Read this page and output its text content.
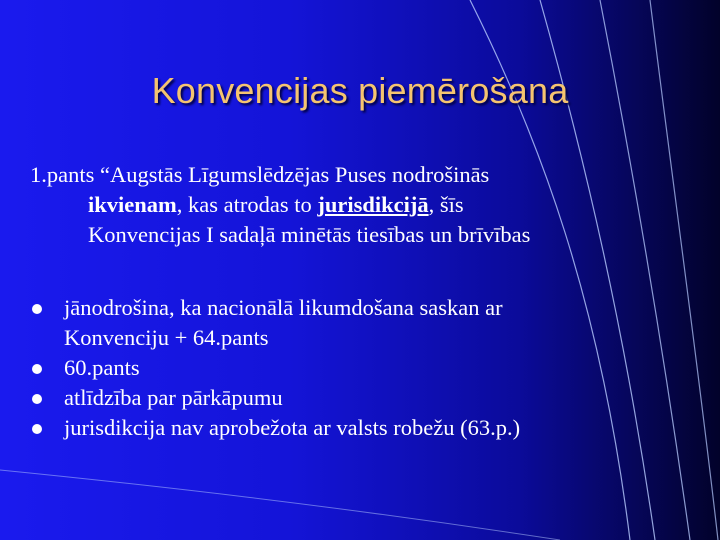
Konvencijas piemērošana
1.pants “Augstās Līgumslēdzējas Puses nodrošinās
ikvienam, kas atrodas to jurisdikcijā, šīs
Konvencijas I sadaļā minētās tiesības un brīvības
jānodrošina, ka nacionālā likumdošana saskan ar
Konvenciju + 64.pants
60.pants
atlīdzība par pārkāpumu
jurisdikcija nav aprobežota ar valsts robežu (63.p.)
